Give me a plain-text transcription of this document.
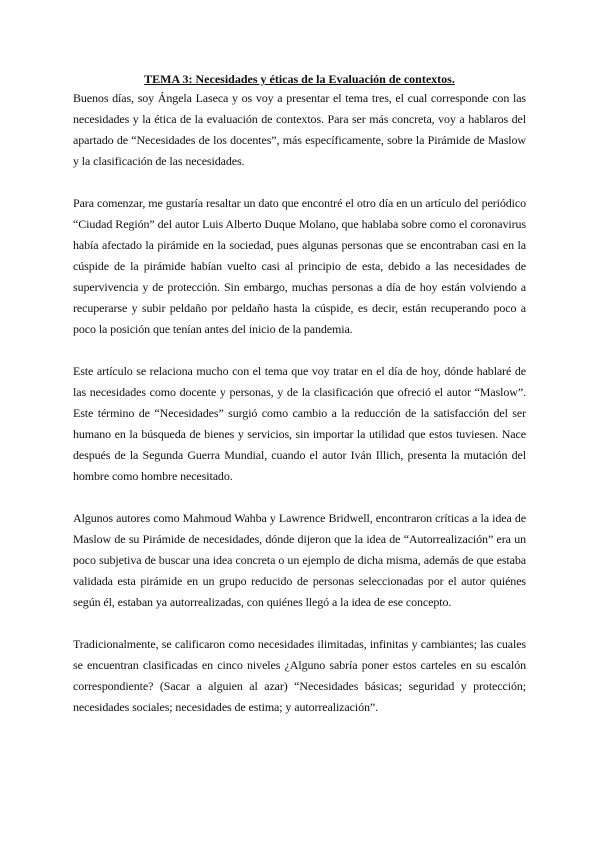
TEMA 3: Necesidades y éticas de la Evaluación de contextos.

Buenos días, soy Ángela Laseca y os voy a presentar el tema tres, el cual corresponde con las necesidades y la ética de la evaluación de contextos. Para ser más concreta, voy a hablaros del apartado de “Necesidades de los docentes”, más específicamente, sobre la Pirámide de Maslow y la clasificación de las necesidades.

Para comenzar, me gustaría resaltar un dato que encontré el otro día en un artículo del periódico “Ciudad Región” del autor Luis Alberto Duque Molano, que hablaba sobre como el coronavirus había afectado la pirámide en la sociedad, pues algunas personas que se encontraban casi en la cúspide de la pirámide habían vuelto casi al principio de esta, debido a las necesidades de supervivencia y de protección. Sin embargo, muchas personas a día de hoy están volviendo a recuperarse y subir peldaño por peldaño hasta la cúspide, es decir, están recuperando poco a poco la posición que tenían antes del inicio de la pandemia.

Este artículo se relaciona mucho con el tema que voy tratar en el día de hoy, dónde hablaré de las necesidades como docente y personas, y de la clasificación que ofreció el autor “Maslow”. Este término de “Necesidades” surgió como cambio a la reducción de la satisfacción del ser humano en la búsqueda de bienes y servicios, sin importar la utilidad que estos tuviesen. Nace después de la Segunda Guerra Mundial, cuando el autor Iván Illich, presenta la mutación del hombre como hombre necesitado.

Algunos autores como Mahmoud Wahba y Lawrence Bridwell, encontraron críticas a la idea de Maslow de su Pirámide de necesidades, dónde dijeron que la idea de “Autorrealización” era un poco subjetiva de buscar una idea concreta o un ejemplo de dicha misma, además de que estaba validada esta pirámide en un grupo reducido de personas seleccionadas por el autor quiénes según él, estaban ya autorrealizadas, con quiénes llegó a la idea de ese concepto.

Tradicionalmente, se calificaron como necesidades ilimitadas, infinitas y cambiantes; las cuales se encuentran clasificadas en cinco niveles ¿Alguno sabría poner estos carteles en su escalón correspondiente? (Sacar a alguien al azar) “Necesidades básicas; seguridad y protección; necesidades sociales; necesidades de estima; y autorrealización”.
